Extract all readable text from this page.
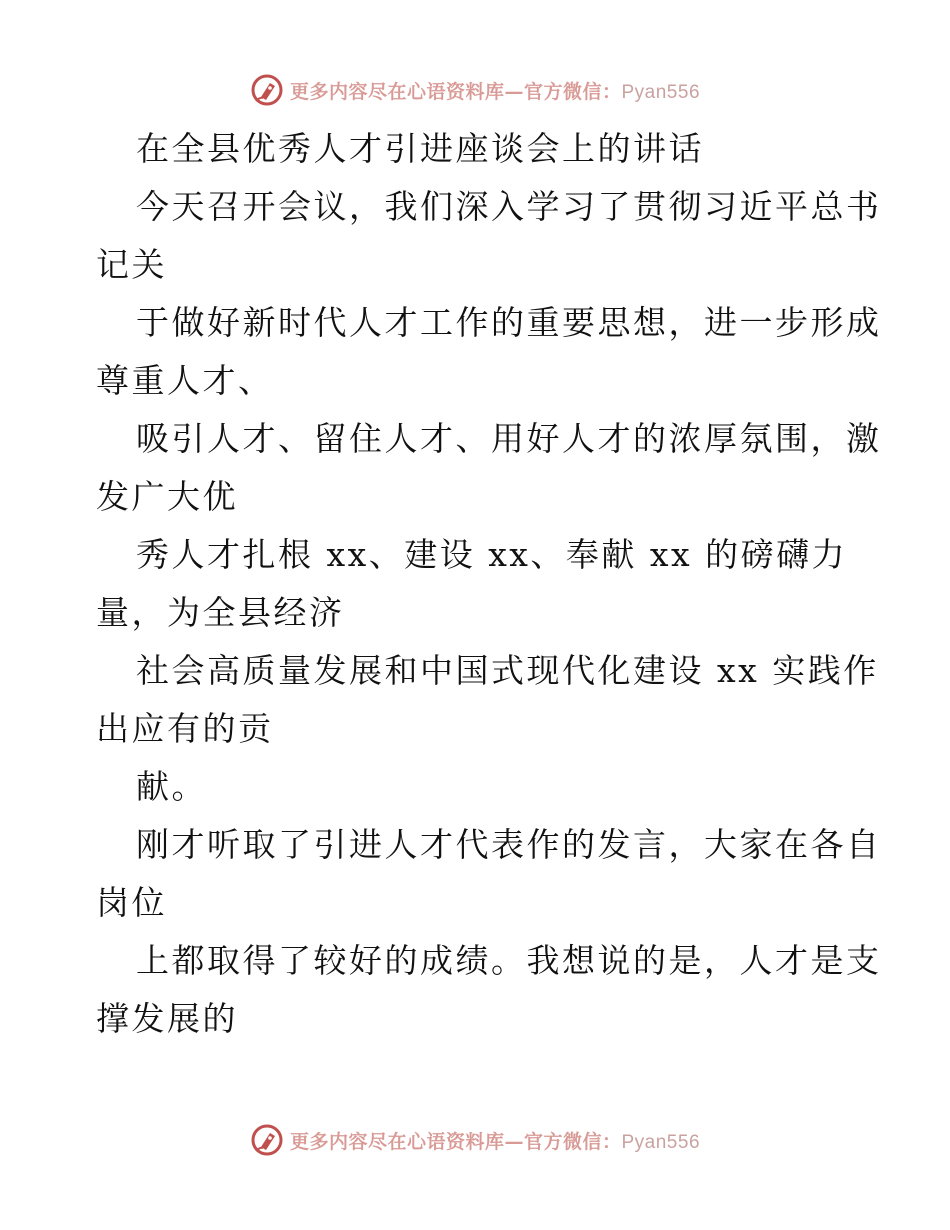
更多内容尽在心语资料库—官方微信：Pyan556
在全县优秀人才引进座谈会上的讲话
今天召开会议，我们深入学习了贯彻习近平总书
记关
于做好新时代人才工作的重要思想，进一步形成
尊重人才、
吸引人才、留住人才、用好人才的浓厚氛围，激
发广大优
秀人才扎根 xx、建设 xx、奉献 xx 的磅礴力
量，为全县经济
社会高质量发展和中国式现代化建设 xx 实践作
出应有的贡
献。
刚才听取了引进人才代表作的发言，大家在各自
岗位
上都取得了较好的成绩。我想说的是，人才是支
撑发展的
更多内容尽在心语资料库—官方微信：Pyan556
